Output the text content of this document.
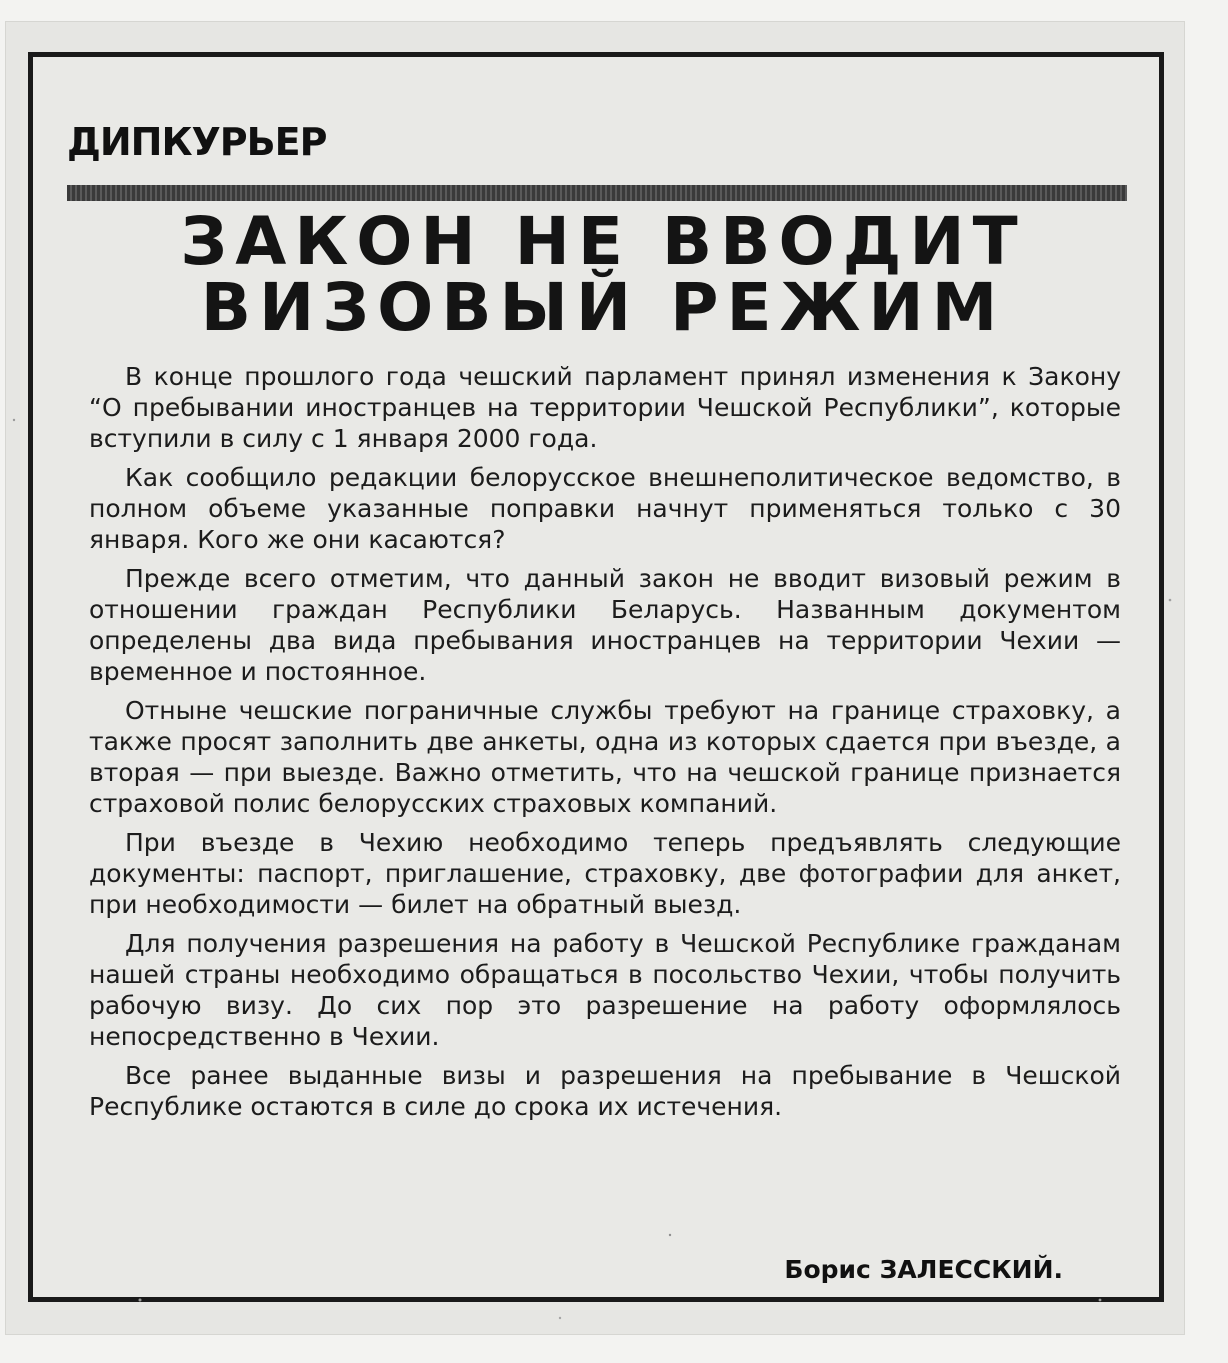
ДИПКУРЬЕР
ЗАКОН НЕ ВВОДИТ
ВИЗОВЫЙ РЕЖИМ

В конце прошлого года чешский парламент принял изменения к Закону “О пребывании иностранцев на территории Чешской Республики”, которые вступили в силу с 1 января 2000 года.

Как сообщило редакции белорусское внешнеполитическое ведомство, в полном объеме указанные поправки начнут применяться только с 30 января. Кого же они касаются?

Прежде всего отметим, что данный закон не вводит визовый режим в отношении граждан Республики Беларусь. Названным документом определены два вида пребывания иностранцев на территории Чехии — временное и постоянное.

Отныне чешские пограничные службы требуют на границе страховку, а также просят заполнить две анкеты, одна из которых сдается при въезде, а вторая — при выезде. Важно отметить, что на чешской границе признается страховой полис белорусских страховых компаний.

При въезде в Чехию необходимо теперь предъявлять следующие документы: паспорт, приглашение, страховку, две фотографии для анкет, при необходимости — билет на обратный выезд.

Для получения разрешения на работу в Чешской Республике гражданам нашей страны необходимо обращаться в посольство Чехии, чтобы получить рабочую визу. До сих пор это разрешение на работу оформлялось непосредственно в Чехии.

Все ранее выданные визы и разрешения на пребывание в Чешской Республике остаются в силе до срока их истечения.

Борис ЗАЛЕССКИЙ.
